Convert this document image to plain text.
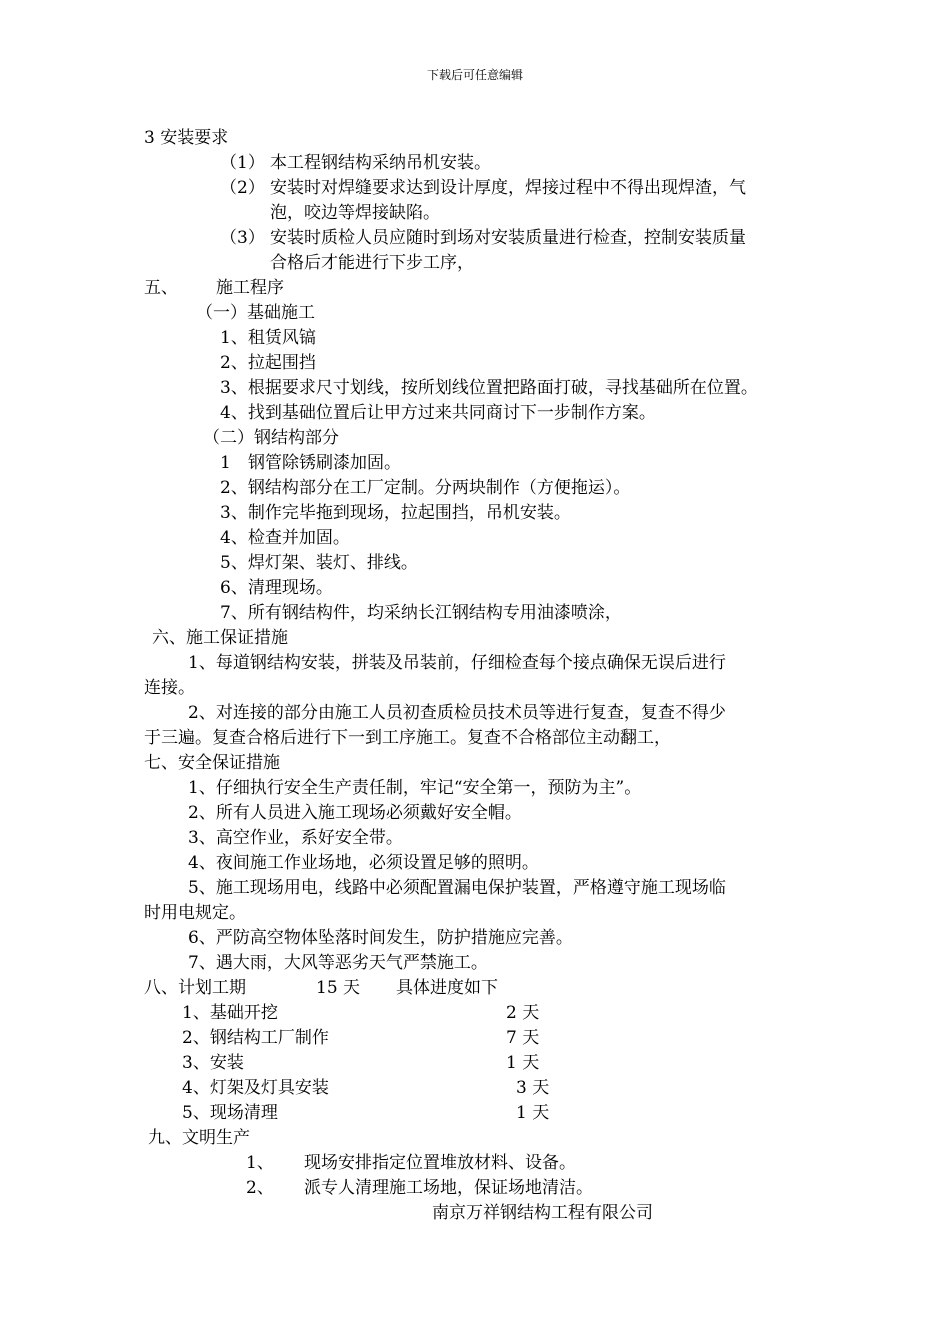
下载后可任意编辑
3 安装要求
（1） 本工程钢结构采纳吊机安装。
（2） 安装时对焊缝要求达到设计厚度，焊接过程中不得出现焊渣，气
泡，咬边等焊接缺陷。
（3） 安装时质检人员应随时到场对安装质量进行检查，控制安装质量
合格后才能进行下步工序，
五、 施工程序
（一）基础施工
1、租赁风镐
2、拉起围挡
3、根据要求尺寸划线，按所划线位置把路面打破，寻找基础所在位置。
4、找到基础位置后让甲方过来共同商讨下一步制作方案。
（二）钢结构部分
1 钢管除锈刷漆加固。
2、钢结构部分在工厂定制。分两块制作（方便拖运）。
3、制作完毕拖到现场，拉起围挡，吊机安装。
4、检查并加固。
5、焊灯架、装灯、排线。
6、清理现场。
7、所有钢结构件，均采纳长江钢结构专用油漆喷涂，
六、施工保证措施
1、每道钢结构安装，拼装及吊装前，仔细检查每个接点确保无误后进行
连接。
2、对连接的部分由施工人员初查质检员技术员等进行复查，复查不得少
于三遍。复查合格后进行下一到工序施工。复查不合格部位主动翻工，
七、安全保证措施
1、仔细执行安全生产责任制，牢记“安全第一，预防为主”。
2、所有人员进入施工现场必须戴好安全帽。
3、高空作业，系好安全带。
4、夜间施工作业场地，必须设置足够的照明。
5、施工现场用电，线路中必须配置漏电保护装置，严格遵守施工现场临
时用电规定。
6、严防高空物体坠落时间发生，防护措施应完善。
7、遇大雨，大风等恶劣天气严禁施工。
八、计划工期	15 天 具体进度如下
1、基础开挖	2 天
2、钢结构工厂制作	7 天
3、安装	1 天
4、灯架及灯具安装	3 天
5、现场清理	1 天
九、文明生产
1、 现场安排指定位置堆放材料、设备。
2、 派专人清理施工场地，保证场地清洁。
南京万祥钢结构工程有限公司
